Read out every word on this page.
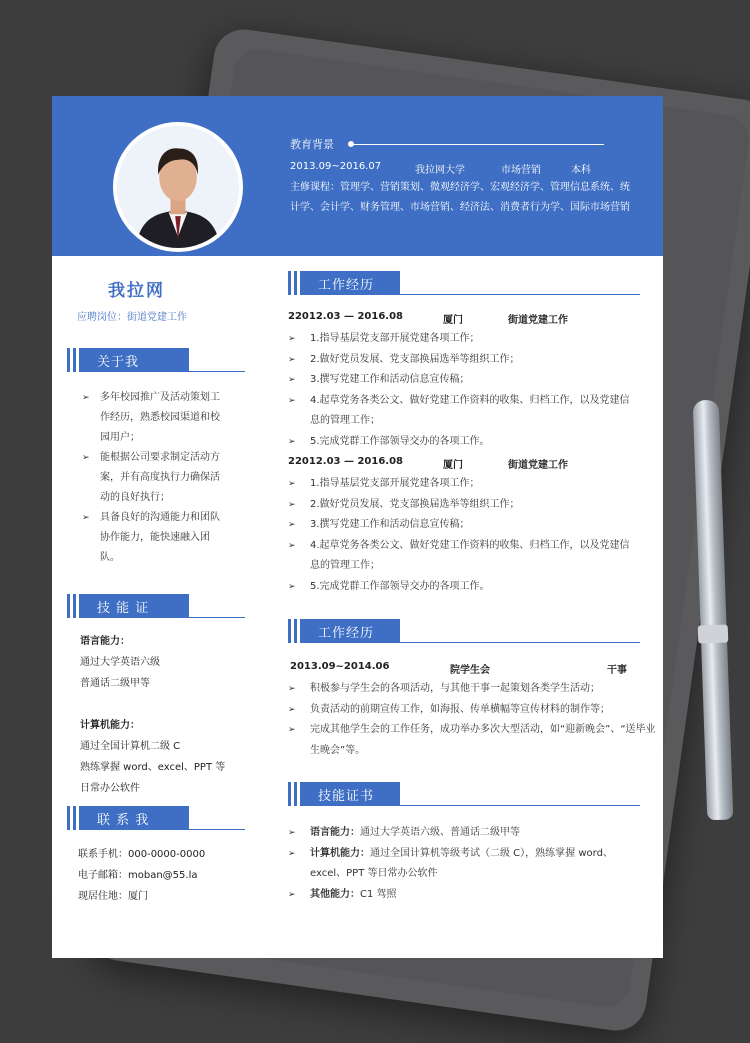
教育背景
2013.09~2016.07	我拉网大学	市场营销	本科
主修课程：管理学、营销策划、微观经济学、宏观经济学、管理信息系统、统计学、会计学、财务管理、市场营销、经济法、消费者行为学、国际市场营销
我拉网
应聘岗位：街道党建工作
关于我
➢ 多年校园推广及活动策划工作经历，熟悉校园渠道和校园用户；
➢ 能根据公司要求制定活动方案，并有高度执行力确保活动的良好执行；
➢ 具备良好的沟通能力和团队协作能力，能快速融入团队。
技 能 证
语言能力：
通过大学英语六级
普通话二级甲等
计算机能力：
通过全国计算机二级 C
熟练掌握 word、excel、PPT 等
日常办公软件
联 系 我
联系手机：000-0000-0000
电子邮箱：moban@55.la
现居住地：厦门
工作经历
22012.03 — 2016.08	厦门	街道党建工作
➢ 1.指导基层党支部开展党建各项工作；
➢ 2.做好党员发展、党支部换届选举等组织工作；
➢ 3.撰写党建工作和活动信息宣传稿；
➢ 4.起草党务各类公文、做好党建工作资料的收集、归档工作，以及党建信息的管理工作；
➢ 5.完成党群工作部领导交办的各项工作。
22012.03 — 2016.08	厦门	街道党建工作
➢ 1.指导基层党支部开展党建各项工作；
➢ 2.做好党员发展、党支部换届选举等组织工作；
➢ 3.撰写党建工作和活动信息宣传稿；
➢ 4.起草党务各类公文、做好党建工作资料的收集、归档工作，以及党建信息的管理工作；
➢ 5.完成党群工作部领导交办的各项工作。
工作经历
2013.09~2014.06	院学生会	干事
➢ 积极参与学生会的各项活动，与其他干事一起策划各类学生活动；
➢ 负责活动的前期宣传工作，如海报、传单横幅等宣传材料的制作等；
➢ 完成其他学生会的工作任务，成功举办多次大型活动，如“迎新晚会”、“送毕业生晚会”等。
技能证书
➢ 语言能力：通过大学英语六级、普通话二级甲等
➢ 计算机能力：通过全国计算机等级考试（二级 C），熟练掌握 word、excel、PPT 等日常办公软件
➢ 其他能力：C1 驾照
